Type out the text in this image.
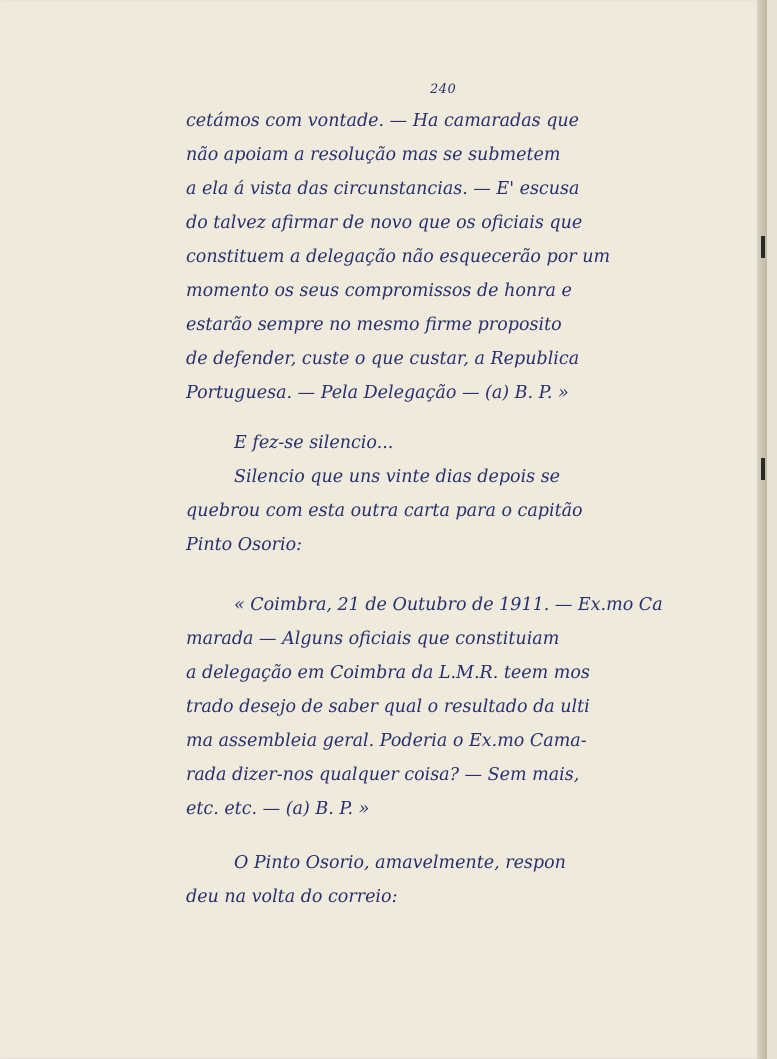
240
cetámos com vontade. — Ha camaradas que
não apoiam a resolução mas se submetem
a ela á vista das circunstancias. — E' escusa
do talvez afirmar de novo que os oficiais que
constituem a delegação não esquecerão por um
momento os seus compromissos de honra e
estarão sempre no mesmo firme proposito
de defender, custe o que custar, a Republica
Portuguesa. — Pela Delegação — (a) B. P. »
E fez-se silencio...
Silencio que uns vinte dias depois se
quebrou com esta outra carta para o capitão
Pinto Osorio:
« Coimbra, 21 de Outubro de 1911. — Ex.mo Ca
marada — Alguns oficiais que constituiam
a delegação em Coimbra da L.M.R. teem mos
trado desejo de saber qual o resultado da ulti
ma assembleia geral. Poderia o Ex.mo Cama-
rada dizer-nos qualquer coisa? — Sem mais,
etc. etc. — (a) B. P. »
O Pinto Osorio, amavelmente, respon
deu na volta do correio:
